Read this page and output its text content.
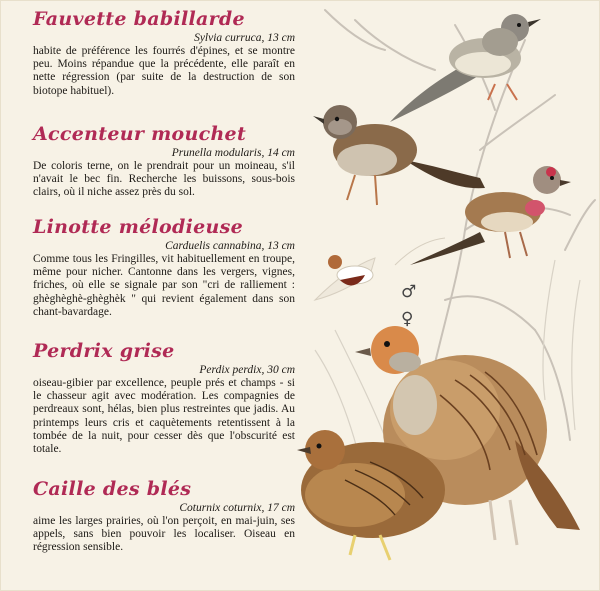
Fauvette babillarde
Sylvia curruca, 13 cm

habite de préférence les fourrés d'épines, et se montre peu. Moins répandue que la précédente, elle paraît en nette régression (par suite de la destruction de son biotope habituel).

Accenteur mouchet
Prunella modularis, 14 cm

De coloris terne, on le prendrait pour un moineau, s'il n'avait le bec fin. Recherche les buissons, sous-bois clairs, où il niche assez près du sol.

Linotte mélodieuse
Carduelis cannabina, 13 cm

Comme tous les Fringilles, vit habituellement en troupe, même pour nicher. Cantonne dans les vergers, vignes, friches, où elle se signale par son "cri de ralliement : ghèghèghè-ghèghèk " qui revient également dans son chant-bavardage.

Perdrix grise
Perdix perdix, 30 cm

oiseau-gibier par excellence, peuple prés et champs - si le chasseur agit avec modération. Les compagnies de perdreaux sont, hélas, bien plus restreintes que jadis. Au printemps leurs cris et caquètements retentissent à la tombée de la nuit, pour cesser dès que l'obscurité est totale.

Caille des blés
Coturnix coturnix, 17 cm

aime les larges prairies, où l'on perçoit, en mai-juin, ses appels, sans bien pouvoir les localiser. Oiseau en régression sensible.

♂
♀
